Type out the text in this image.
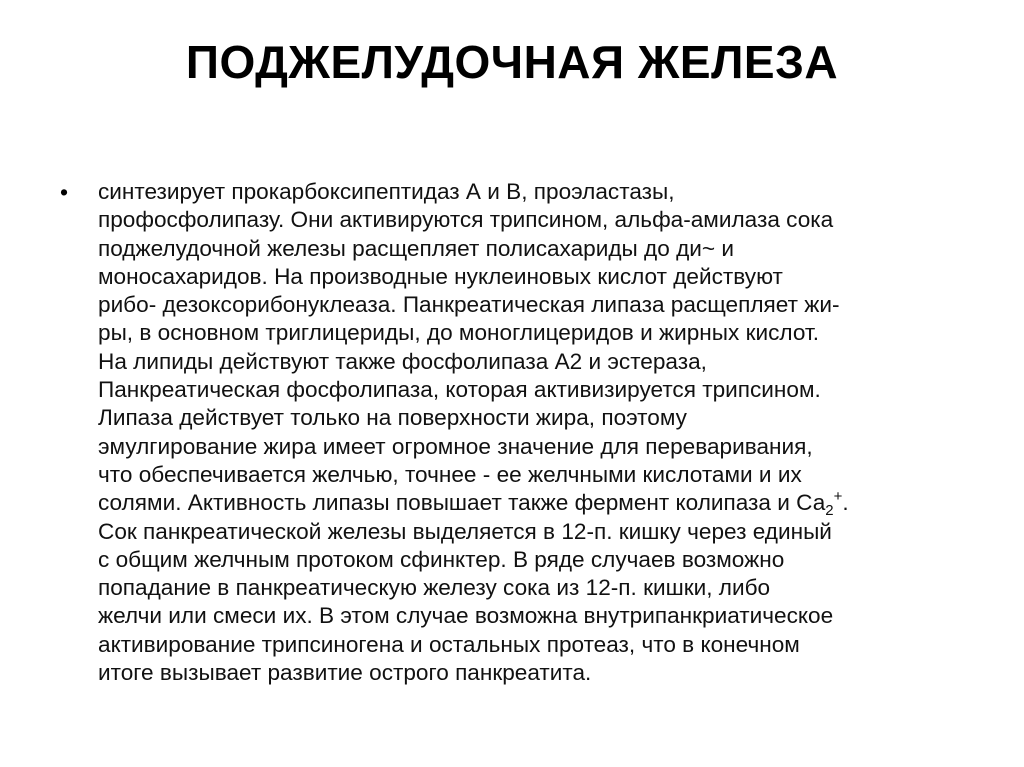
ПОДЖЕЛУДОЧНАЯ ЖЕЛЕЗА
• синтезирует прокарбоксипептидаз А и В, проэластазы,
профосфолипазу. Они активируются трипсином, альфа-амилаза сока
поджелудочной железы расщепляет полисахариды до ди~ и
моносахаридов. На производные нуклеиновых кислот действуют
рибо- дезоксорибонуклеаза. Панкреатическая липаза расщепляет жи-
ры, в основном триглицериды, до моноглицеридов и жирных кислот.
На липиды действуют также фосфолипаза А2 и эстераза,
Панкреатическая фосфолипаза, которая активизируется трипсином.
Липаза действует только на поверхности жира, поэтому
эмулгирование жира имеет огромное значение для переваривания,
что обеспечивается желчью, точнее - ее желчными кислотами и их
солями. Активность липазы повышает также фермент колипаза и $Са_2^+$.
Сок панкреатической железы выделяется в 12-п. кишку через единый
с общим желчным протоком сфинктер. В ряде случаев возможно
попадание в панкреатическую железу сока из 12-п. кишки, либо
желчи или смеси их. В этом случае возможна внутрипанкриатическое
активирование трипсиногена и остальных протеаз, что в конечном
итоге вызывает развитие острого панкреатита.
